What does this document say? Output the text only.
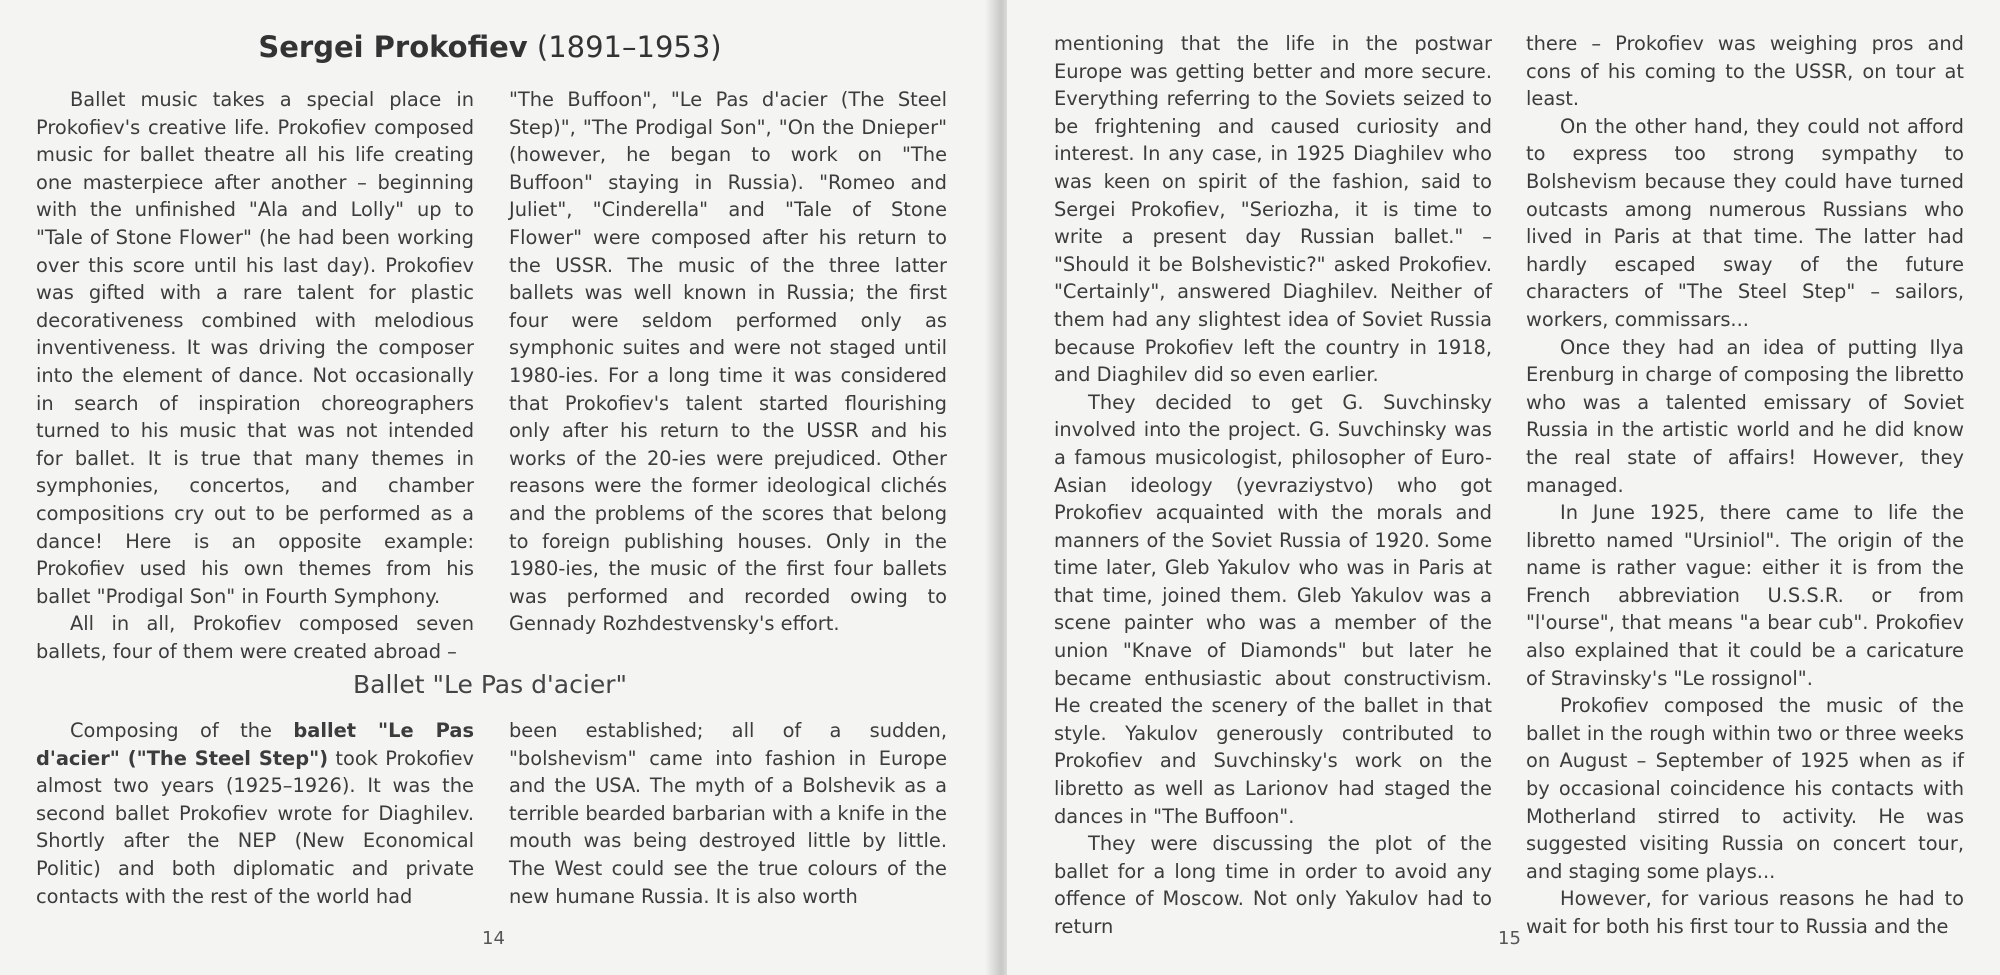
Sergei Prokofiev (1891–1953)

Ballet music takes a special place in Prokofiev's creative life. Prokofiev composed music for ballet theatre all his life creating one masterpiece after another – beginning with the unfinished "Ala and Lolly" up to "Tale of Stone Flower" (he had been working over this score until his last day). Prokofiev was gifted with a rare talent for plastic decorativeness combined with melodious inventiveness. It was driving the composer into the element of dance. Not occasionally in search of inspiration choreographers turned to his music that was not intended for ballet. It is true that many themes in symphonies, concertos, and chamber compositions cry out to be performed as a dance! Here is an opposite example: Prokofiev used his own themes from his ballet "Prodigal Son" in Fourth Symphony.

All in all, Prokofiev composed seven ballets, four of them were created abroad –

"The Buffoon", "Le Pas d'acier (The Steel Step)", "The Prodigal Son", "On the Dnieper" (however, he began to work on "The Buffoon" staying in Russia). "Romeo and Juliet", "Cinderella" and "Tale of Stone Flower" were composed after his return to the USSR. The music of the three latter ballets was well known in Russia; the first four were seldom performed only as symphonic suites and were not staged until 1980-ies. For a long time it was considered that Prokofiev's talent started flourishing only after his return to the USSR and his works of the 20-ies were prejudiced. Other reasons were the former ideological clichés and the problems of the scores that belong to foreign publishing houses. Only in the 1980-ies, the music of the first four ballets was performed and recorded owing to Gennady Rozhdestvensky's effort.

Ballet "Le Pas d'acier"

Composing of the ballet "Le Pas d'acier" ("The Steel Step") took Prokofiev almost two years (1925–1926). It was the second ballet Prokofiev wrote for Diaghilev. Shortly after the NEP (New Economical Politic) and both diplomatic and private contacts with the rest of the world had

been established; all of a sudden, "bolshevism" came into fashion in Europe and the USA. The myth of a Bolshevik as a terrible bearded barbarian with a knife in the mouth was being destroyed little by little. The West could see the true colours of the new humane Russia. It is also worth

14

mentioning that the life in the postwar Europe was getting better and more secure. Everything referring to the Soviets seized to be frightening and caused curiosity and interest. In any case, in 1925 Diaghilev who was keen on spirit of the fashion, said to Sergei Prokofiev, "Seriozha, it is time to write a present day Russian ballet." – "Should it be Bolshevistic?" asked Prokofiev. "Certainly", answered Diaghilev. Neither of them had any slightest idea of Soviet Russia because Prokofiev left the country in 1918, and Diaghilev did so even earlier.

They decided to get G. Suvchinsky involved into the project. G. Suvchinsky was a famous musicologist, philosopher of Euro-Asian ideology (yevraziystvo) who got Prokofiev acquainted with the morals and manners of the Soviet Russia of 1920. Some time later, Gleb Yakulov who was in Paris at that time, joined them. Gleb Yakulov was a scene painter who was a member of the union "Knave of Diamonds" but later he became enthusiastic about constructivism. He created the scenery of the ballet in that style. Yakulov generously contributed to Prokofiev and Suvchinsky's work on the libretto as well as Larionov had staged the dances in "The Buffoon".

They were discussing the plot of the ballet for a long time in order to avoid any offence of Moscow. Not only Yakulov had to return

there – Prokofiev was weighing pros and cons of his coming to the USSR, on tour at least.

On the other hand, they could not afford to express too strong sympathy to Bolshevism because they could have turned outcasts among numerous Russians who lived in Paris at that time. The latter had hardly escaped sway of the future characters of "The Steel Step" – sailors, workers, commissars...

Once they had an idea of putting Ilya Erenburg in charge of composing the libretto who was a talented emissary of Soviet Russia in the artistic world and he did know the real state of affairs! However, they managed.

In June 1925, there came to life the libretto named "Ursiniol". The origin of the name is rather vague: either it is from the French abbreviation U.S.S.R. or from "l'ourse", that means "a bear cub". Prokofiev also explained that it could be a caricature of Stravinsky's "Le rossignol".

Prokofiev composed the music of the ballet in the rough within two or three weeks on August – September of 1925 when as if by occasional coincidence his contacts with Motherland stirred to activity. He was suggested visiting Russia on concert tour, and staging some plays...

However, for various reasons he had to wait for both his first tour to Russia and the

15
